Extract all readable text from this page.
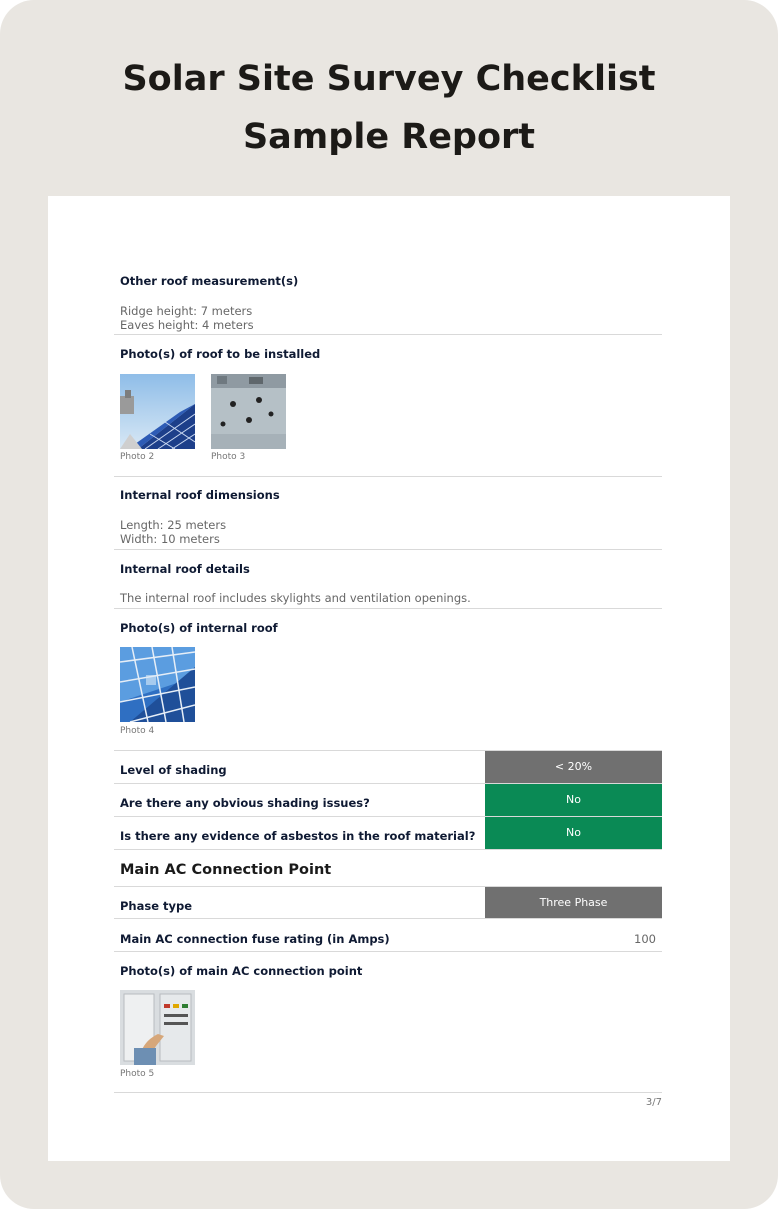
Solar Site Survey Checklist
Sample Report
Other roof measurement(s)
Ridge height: 7 meters
Eaves height: 4 meters
Photo(s) of roof to be installed
Photo 2	Photo 3
Internal roof dimensions
Length: 25 meters
Width: 10 meters
Internal roof details
The internal roof includes skylights and ventilation openings.
Photo(s) of internal roof
Photo 4
Level of shading	< 20%
Are there any obvious shading issues?	No
Is there any evidence of asbestos in the roof material?	No
Main AC Connection Point
Phase type	Three Phase
Main AC connection fuse rating (in Amps)	100
Photo(s) of main AC connection point
Photo 5
3/7
